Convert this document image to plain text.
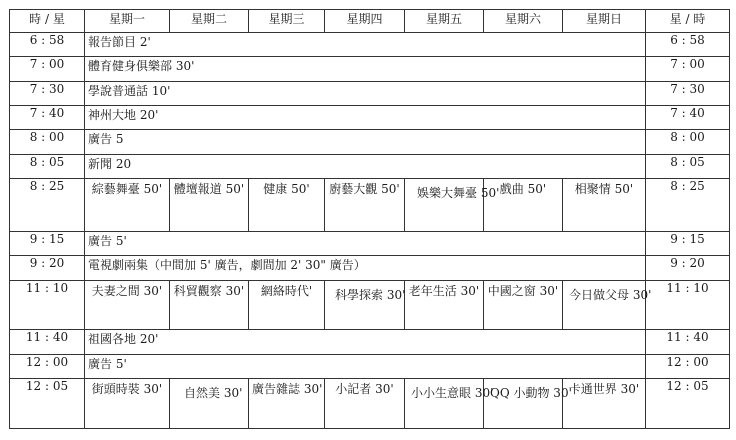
時 / 星	星期一	星期二	星期三	星期四	星期五	星期六	星期日	星 / 時
6 : 58	報告節目 2'							6 : 58
7 : 00	體育健身俱樂部 30'							7 : 00
7 : 30	學說普通話 10'							7 : 30
7 : 40	神州大地 20'							7 : 40
8 : 00	廣告 5							8 : 00
8 : 05	新聞 20							8 : 05
8 : 25	綜藝舞臺 50'	體壇報道 50'	健康 50'	廚藝大觀 50'	娛樂大舞臺 50'	戲曲 50'	相聚情 50'	8 : 25
9 : 15	廣告 5'							9 : 15
9 : 20	電視劇兩集（中間加 5' 廣告，劇間加 2' 30" 廣告）							9 : 20
11 : 10	夫妻之間 30'	科貿觀察 30'	網絡時代'	科學探索 30'	老年生活 30'	中國之窗 30'	今日做父母 30'	11 : 10
11 : 40	祖國各地 20'							11 : 40
12 : 00	廣告 5'							12 : 00
12 : 05	街頭時裝 30'	自然美 30'	廣告雜誌 30'	小記者 30'	小小生意眼 30'	QQ 小動物 30'	卡通世界 30'	12 : 05
